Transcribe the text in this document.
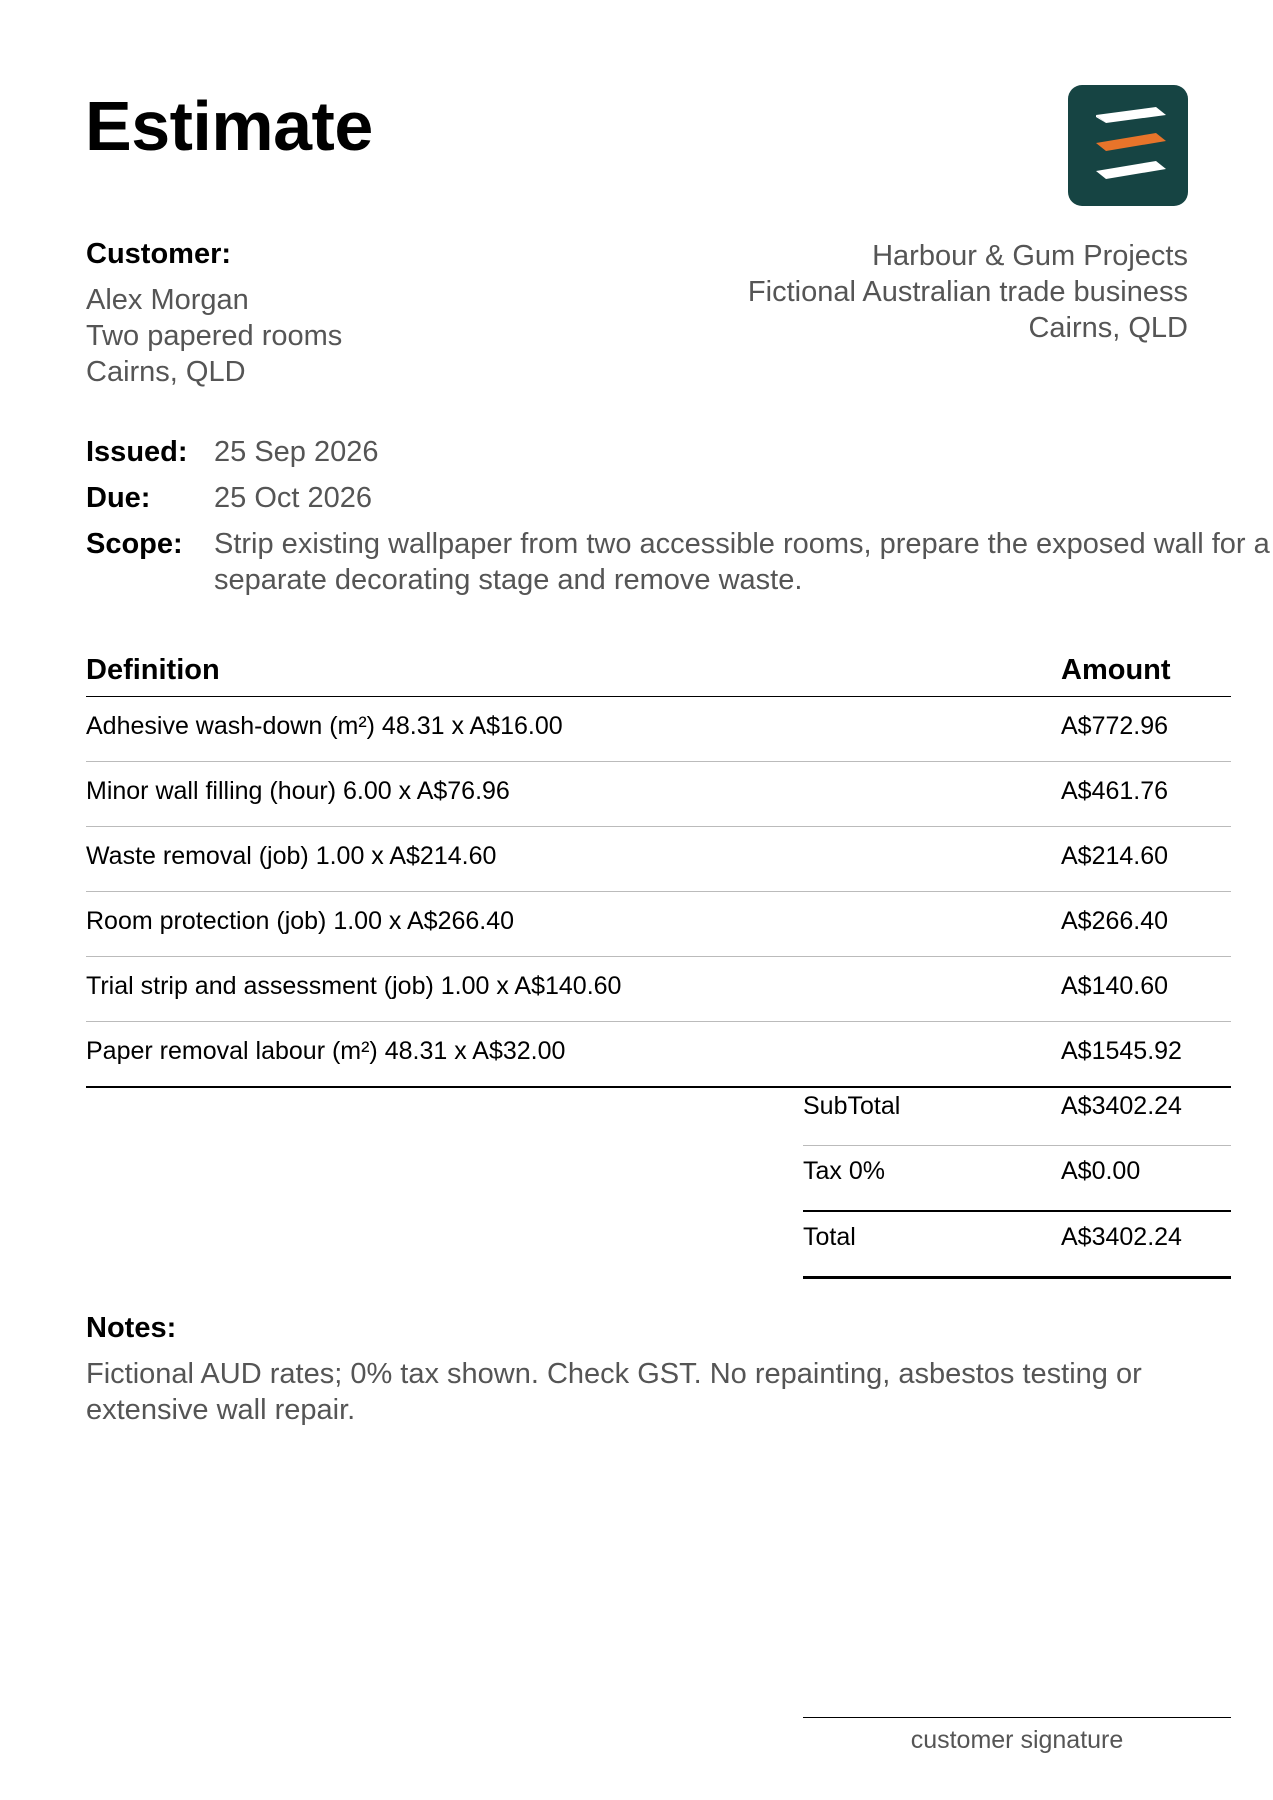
Estimate
Customer:
Alex Morgan
Two papered rooms
Cairns, QLD
Harbour & Gum Projects
Fictional Australian trade business
Cairns, QLD
Issued: 25 Sep 2026
Due: 25 Oct 2026
Scope: Strip existing wallpaper from two accessible rooms, prepare the exposed wall for a separate decorating stage and remove waste.
Definition	Amount
Adhesive wash-down (m²) 48.31 x A$16.00	A$772.96
Minor wall filling (hour) 6.00 x A$76.96	A$461.76
Waste removal (job) 1.00 x A$214.60	A$214.60
Room protection (job) 1.00 x A$266.40	A$266.40
Trial strip and assessment (job) 1.00 x A$140.60	A$140.60
Paper removal labour (m²) 48.31 x A$32.00	A$1545.92
SubTotal	A$3402.24
Tax 0%	A$0.00
Total	A$3402.24
Notes:
Fictional AUD rates; 0% tax shown. Check GST. No repainting, asbestos testing or extensive wall repair.
customer signature
